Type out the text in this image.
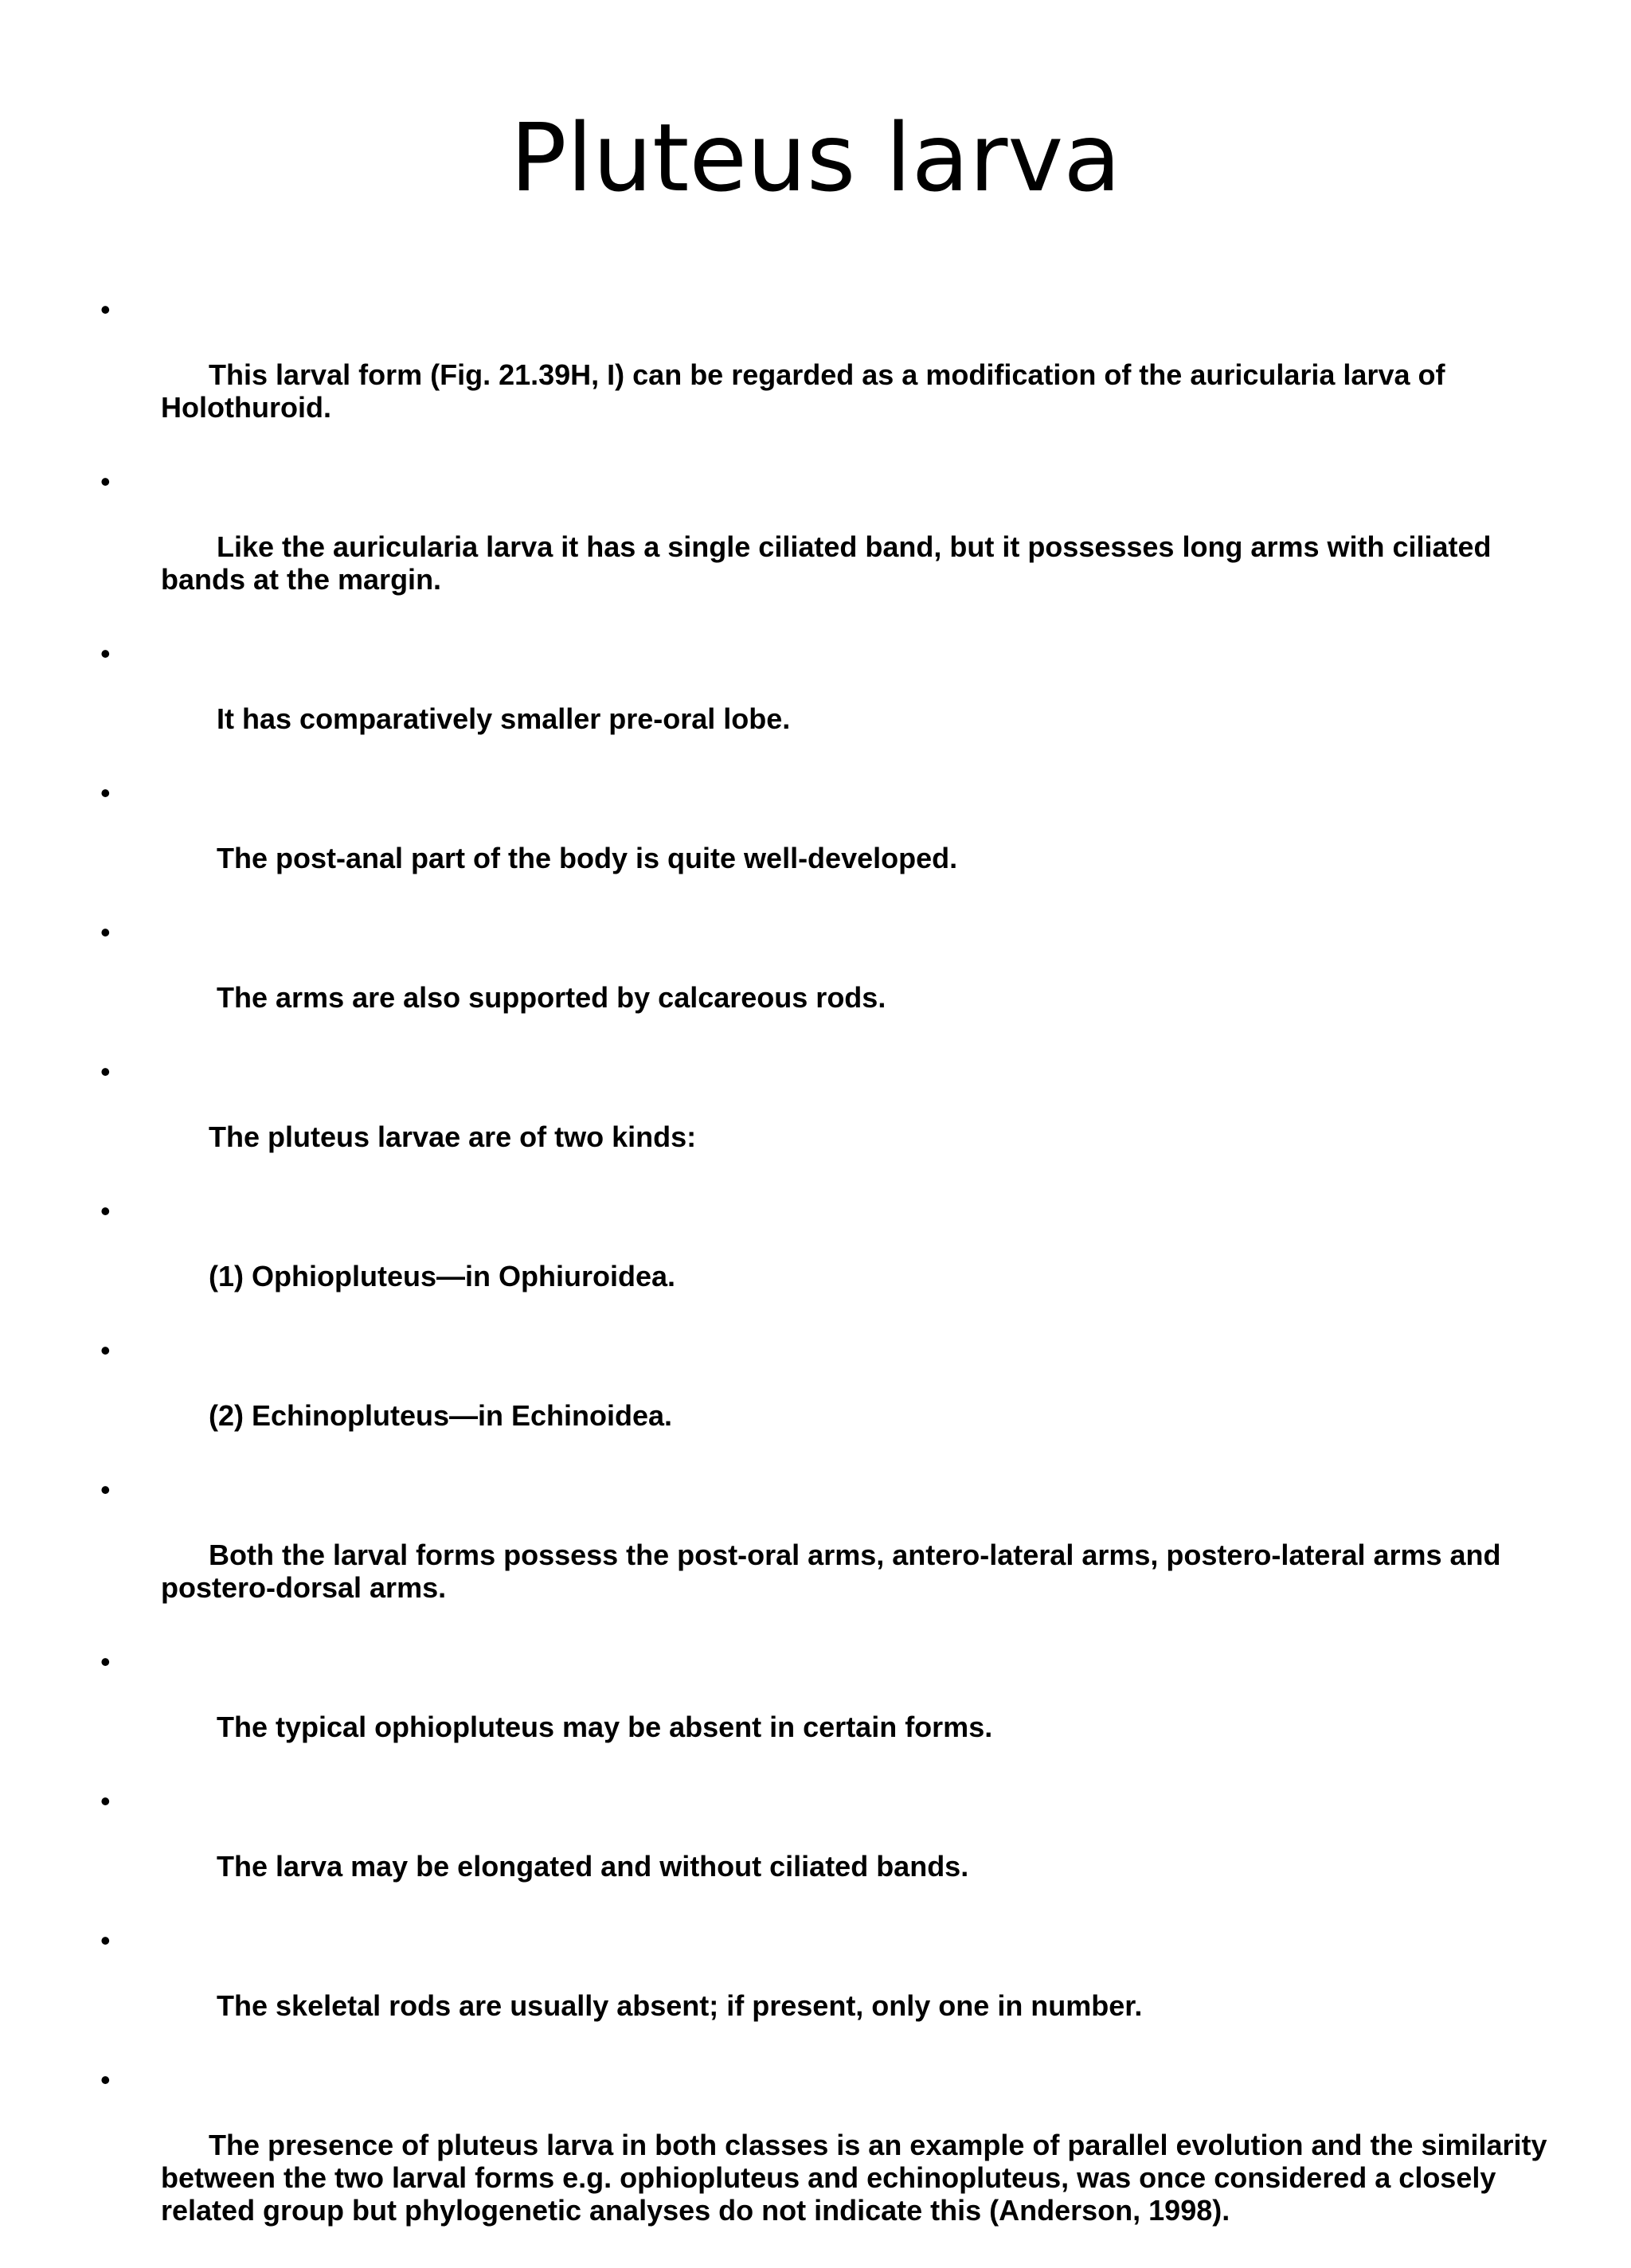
Pluteus larva

•

This larval form (Fig. 21.39H, I) can be regarded as a modification of the auricularia larva of Holothuroid.

•

Like the auricularia larva it has a single ciliated band, but it possesses long arms with ciliated bands at the margin.

•

It has comparatively smaller pre-oral lobe.

•

The post-anal part of the body is quite well-developed.

•

The arms are also supported by calcareous rods.

•

The pluteus larvae are of two kinds:

•

(1) Ophiopluteus—in Ophiuroidea.

•

(2) Echinopluteus—in Echinoidea.

•

Both the larval forms possess the post-oral arms, antero-lateral arms, postero-lateral arms and postero-dorsal arms.

•

The typical ophiopluteus may be absent in certain forms.

•

The larva may be elongated and without ciliated bands.

•

The skeletal rods are usually absent; if present, only one in number.

•

The presence of pluteus larva in both classes is an example of parallel evolution and the similarity between the two larval forms e.g. ophiopluteus and echinopluteus, was once considered a closely related group but phylogenetic analyses do not indicate this (Anderson, 1998).
